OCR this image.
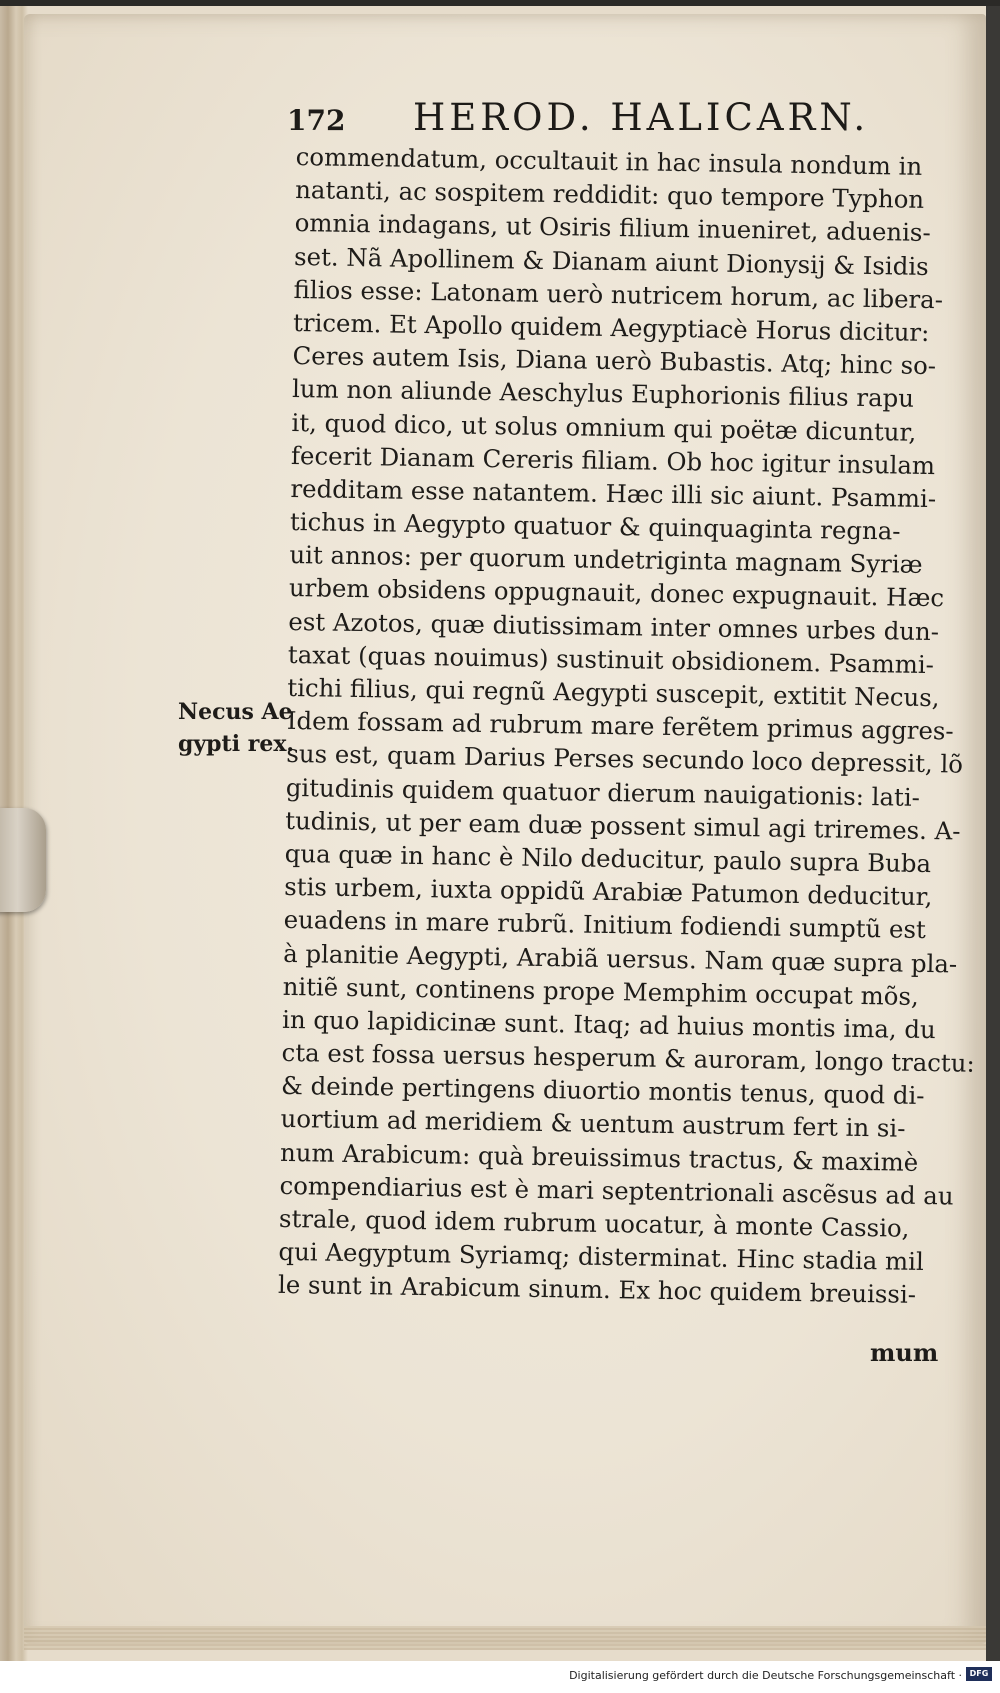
172 HEROD. HALICARN.
Necus Ae
gypti rex.
commendatum, occultauit in hac insula nondum in
natanti, ac sospitem reddidit: quo tempore Typhon
omnia indagans, ut Osiris filium inueniret, aduenis-
set. Nã Apollinem & Dianam aiunt Dionysij & Isidis
filios esse: Latonam uerò nutricem horum, ac libera-
tricem. Et Apollo quidem Aegyptiacè Horus dicitur:
Ceres autem Isis, Diana uerò Bubastis. Atq; hinc so-
lum non aliunde Aeschylus Euphorionis filius rapu
it, quod dico, ut solus omnium qui poëtæ dicuntur,
fecerit Dianam Cereris filiam. Ob hoc igitur insulam
redditam esse natantem. Hæc illi sic aiunt. Psammi-
tichus in Aegypto quatuor & quinquaginta regna-
uit annos: per quorum undetriginta magnam Syriæ
urbem obsidens oppugnauit, donec expugnauit. Hæc
est Azotos, quæ diutissimam inter omnes urbes dun-
taxat (quas nouimus) sustinuit obsidionem. Psammi-
tichi filius, qui regnũ Aegypti suscepit, extitit Necus,
Idem fossam ad rubrum mare ferẽtem primus aggres-
sus est, quam Darius Perses secundo loco depressit, lõ
gitudinis quidem quatuor dierum nauigationis: lati-
tudinis, ut per eam duæ possent simul agi triremes. A-
qua quæ in hanc è Nilo deducitur, paulo supra Buba
stis urbem, iuxta oppidũ Arabiæ Patumon deducitur,
euadens in mare rubrũ. Initium fodiendi sumptũ est
à planitie Aegypti, Arabiã uersus. Nam quæ supra pla-
nitiẽ sunt, continens prope Memphim occupat mõs,
in quo lapidicinæ sunt. Itaq; ad huius montis ima, du
cta est fossa uersus hesperum & auroram, longo tractu:
& deinde pertingens diuortio montis tenus, quod di-
uortium ad meridiem & uentum austrum fert in si-
num Arabicum: quà breuissimus tractus, & maximè
compendiarius est è mari septentrionali ascẽsus ad au
strale, quod idem rubrum uocatur, à monte Cassio,
qui Aegyptum Syriamq; disterminat. Hinc stadia mil
le sunt in Arabicum sinum. Ex hoc quidem breuissi-
mum
Digitalisierung gefördert durch die Deutsche Forschungsgemeinschaft · DFG
